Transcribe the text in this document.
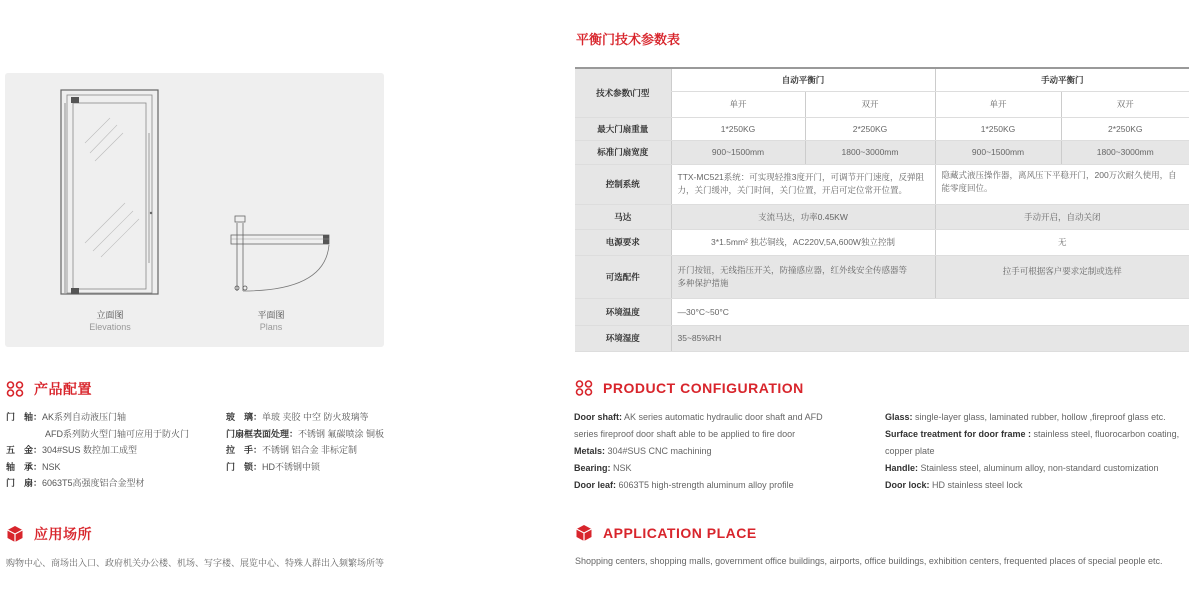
立面图
Elevations
平面图
Plans
产品配置
门　轴：AK系列自动液压门轴
AFD系列防火型门轴可应用于防火门
五　金：304#SUS 数控加工成型
轴　承：NSK
门　扇：6063T5高强度铝合金型材
玻　璃：单玻 夹胶 中空 防火玻璃等
门扇框表面处理：不锈钢 氟碳喷涂 铜板
拉　手：不锈钢 铝合金 非标定制
门　锁：HD不锈钢中锁
应用场所
购物中心、商场出入口、政府机关办公楼、机场、写字楼、展览中心、特殊人群出入频繁场所等
平衡门技术参数表
技术参数\门型	自动平衡门		手动平衡门	
	单开	双开	单开	双开
最大门扇重量	1*250KG	2*250KG	1*250KG	2*250KG
标准门扇宽度	900~1500mm	1800~3000mm	900~1500mm	1800~3000mm
控制系统	TTX-MC521系统：可实现轻推3度开门，可调节开门速度，反弹阻力，关门缓冲，关门时间，关门位置，开启可定位常开位置。		隐藏式液压操作器，离风压下平稳开门，200万次耐久使用，自能零度回位。	
马达	支流马达，功率0.45KW		手动开启，自动关闭	
电源要求	3*1.5mm² 独芯铜线，AC220V,5A,600W独立控制		无	
可选配件	开门按钮，无线指压开关，防撞感应器，红外线安全传感器等多种保护措施		拉手可根据客户要求定制或选样	
环境温度	—30°C~50°C			
环境湿度	35~85%RH			
PRODUCT CONFIGURATION
Door shaft: AK series automatic hydraulic door shaft and AFD
series fireproof door shaft able to be applied to fire door
Metals: 304#SUS CNC machining
Bearing: NSK
Door leaf: 6063T5 high-strength aluminum alloy profile
Glass: single-layer glass, laminated rubber, hollow ,fireproof glass etc.
Surface treatment for door frame : stainless steel, fluorocarbon coating,
copper plate
Handle: Stainless steel, aluminum alloy, non-standard customization
Door lock: HD stainless steel lock
APPLICATION PLACE
Shopping centers, shopping malls, government office buildings, airports, office buildings, exhibition centers, frequented places of special people etc.
